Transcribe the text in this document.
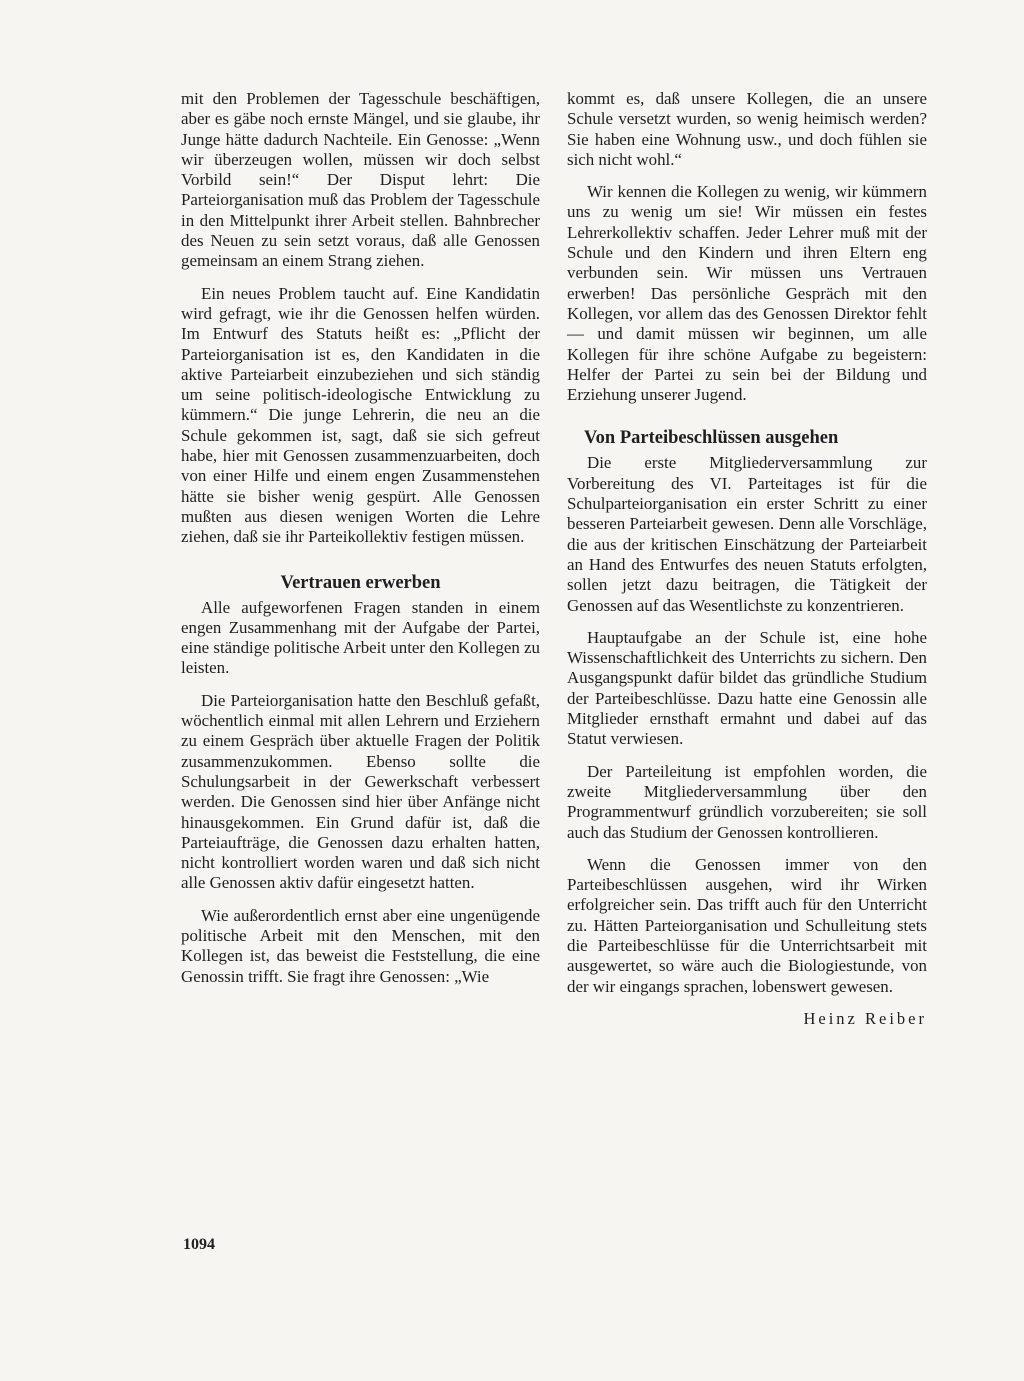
mit den Problemen der Tagesschule beschäftigen, aber es gäbe noch ernste Mängel, und sie glaube, ihr Junge hätte dadurch Nachteile. Ein Genosse: „Wenn wir überzeugen wollen, müssen wir doch selbst Vorbild sein!“ Der Disput lehrt: Die Parteiorganisation muß das Problem der Tagesschule in den Mittelpunkt ihrer Arbeit stellen. Bahnbrecher des Neuen zu sein setzt voraus, daß alle Genossen gemeinsam an einem Strang ziehen.

Ein neues Problem taucht auf. Eine Kandidatin wird gefragt, wie ihr die Genossen helfen würden. Im Entwurf des Statuts heißt es: „Pflicht der Parteiorganisation ist es, den Kandidaten in die aktive Parteiarbeit einzubeziehen und sich ständig um seine politisch-ideologische Entwicklung zu kümmern.“ Die junge Lehrerin, die neu an die Schule gekommen ist, sagt, daß sie sich gefreut habe, hier mit Genossen zusammenzuarbeiten, doch von einer Hilfe und einem engen Zusammenstehen hätte sie bisher wenig gespürt. Alle Genossen mußten aus diesen wenigen Worten die Lehre ziehen, daß sie ihr Parteikollektiv festigen müssen.

Vertrauen erwerben

Alle aufgeworfenen Fragen standen in einem engen Zusammenhang mit der Aufgabe der Partei, eine ständige politische Arbeit unter den Kollegen zu leisten.

Die Parteiorganisation hatte den Beschluß gefaßt, wöchentlich einmal mit allen Lehrern und Erziehern zu einem Gespräch über aktuelle Fragen der Politik zusammenzukommen. Ebenso sollte die Schulungsarbeit in der Gewerkschaft verbessert werden. Die Genossen sind hier über Anfänge nicht hinausgekommen. Ein Grund dafür ist, daß die Parteiaufträge, die Genossen dazu erhalten hatten, nicht kontrolliert worden waren und daß sich nicht alle Genossen aktiv dafür eingesetzt hatten.

Wie außerordentlich ernst aber eine ungenügende politische Arbeit mit den Menschen, mit den Kollegen ist, das beweist die Feststellung, die eine Genossin trifft. Sie fragt ihre Genossen: „Wie

kommt es, daß unsere Kollegen, die an unsere Schule versetzt wurden, so wenig heimisch werden? Sie haben eine Wohnung usw., und doch fühlen sie sich nicht wohl.“

Wir kennen die Kollegen zu wenig, wir kümmern uns zu wenig um sie! Wir müssen ein festes Lehrerkollektiv schaffen. Jeder Lehrer muß mit der Schule und den Kindern und ihren Eltern eng verbunden sein. Wir müssen uns Vertrauen erwerben! Das persönliche Gespräch mit den Kollegen, vor allem das des Genossen Direktor fehlt — und damit müssen wir beginnen, um alle Kollegen für ihre schöne Aufgabe zu begeistern: Helfer der Partei zu sein bei der Bildung und Erziehung unserer Jugend.

Von Parteibeschlüssen ausgehen

Die erste Mitgliederversammlung zur Vorbereitung des VI. Parteitages ist für die Schulparteiorganisation ein erster Schritt zu einer besseren Parteiarbeit gewesen. Denn alle Vorschläge, die aus der kritischen Einschätzung der Parteiarbeit an Hand des Entwurfes des neuen Statuts erfolgten, sollen jetzt dazu beitragen, die Tätigkeit der Genossen auf das Wesentlichste zu konzentrieren.

Hauptaufgabe an der Schule ist, eine hohe Wissenschaftlichkeit des Unterrichts zu sichern. Den Ausgangspunkt dafür bildet das gründliche Studium der Parteibeschlüsse. Dazu hatte eine Genossin alle Mitglieder ernsthaft ermahnt und dabei auf das Statut verwiesen.

Der Parteileitung ist empfohlen worden, die zweite Mitgliederversammlung über den Programmentwurf gründlich vorzubereiten; sie soll auch das Studium der Genossen kontrollieren.

Wenn die Genossen immer von den Parteibeschlüssen ausgehen, wird ihr Wirken erfolgreicher sein. Das trifft auch für den Unterricht zu. Hätten Parteiorganisation und Schulleitung stets die Parteibeschlüsse für die Unterrichtsarbeit mit ausgewertet, so wäre auch die Biologiestunde, von der wir eingangs sprachen, lobenswert gewesen.

Heinz Reiber
1094
